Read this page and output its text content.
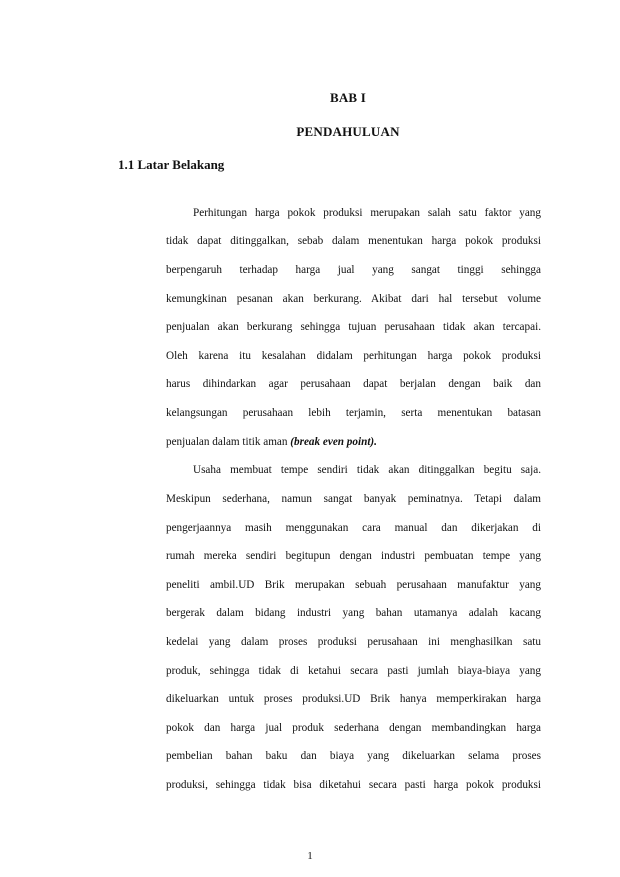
BAB I
PENDAHULUAN
1.1 Latar Belakang
Perhitungan harga pokok produksi merupakan salah satu faktor yang
tidak dapat ditinggalkan, sebab dalam menentukan harga pokok produksi
berpengaruh terhadap harga jual yang sangat tinggi sehingga
kemungkinan pesanan akan berkurang. Akibat dari hal tersebut volume
penjualan akan berkurang sehingga tujuan perusahaan tidak akan tercapai.
Oleh karena itu kesalahan didalam perhitungan harga pokok produksi
harus dihindarkan agar perusahaan dapat berjalan dengan baik dan
kelangsungan perusahaan lebih terjamin, serta menentukan batasan
penjualan dalam titik aman (break even point).
Usaha membuat tempe sendiri tidak akan ditinggalkan begitu saja.
Meskipun sederhana, namun sangat banyak peminatnya. Tetapi dalam
pengerjaannya masih menggunakan cara manual dan dikerjakan di
rumah mereka sendiri begitupun dengan industri pembuatan tempe yang
peneliti ambil.UD Brik merupakan sebuah perusahaan manufaktur yang
bergerak dalam bidang industri yang bahan utamanya adalah kacang
kedelai yang dalam proses produksi perusahaan ini menghasilkan satu
produk, sehingga tidak di ketahui secara pasti jumlah biaya-biaya yang
dikeluarkan untuk proses produksi.UD Brik hanya memperkirakan harga
pokok dan harga jual produk sederhana dengan membandingkan harga
pembelian bahan baku dan biaya yang dikeluarkan selama proses
produksi, sehingga tidak bisa diketahui secara pasti harga pokok produksi
1
